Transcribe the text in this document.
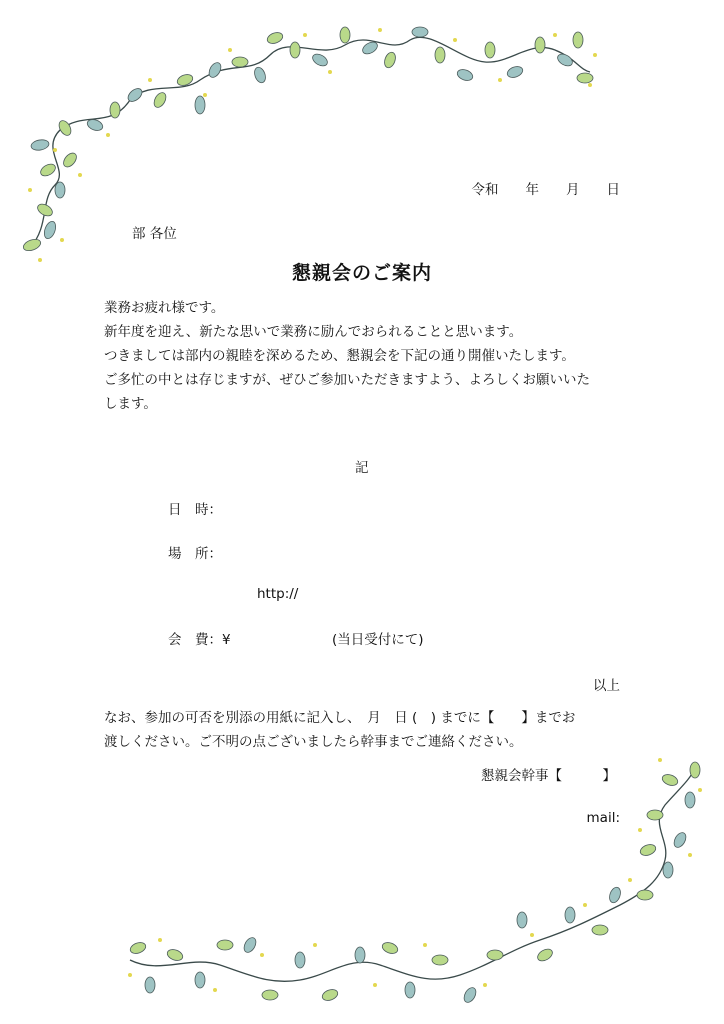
令和　　年　　月　　日
部 各位
懇親会のご案内
業務お疲れ様です。
新年度を迎え、新たな思いで業務に励んでおられることと思います。
つきましては部内の親睦を深めるため、懇親会を下記の通り開催いたします。
ご多忙の中とは存じますが、ぜひご参加いただきますよう、よろしくお願いいた
します。
記
日　時：
場　所：
http://
会　費：¥	(当日受付にて)
以上
なお、参加の可否を別添の用紙に記入し、　月　日 (　) までに【　　】までお
渡しください。ご不明の点ございましたら幹事までご連絡ください。
懇親会幹事【　　　】
mail:
